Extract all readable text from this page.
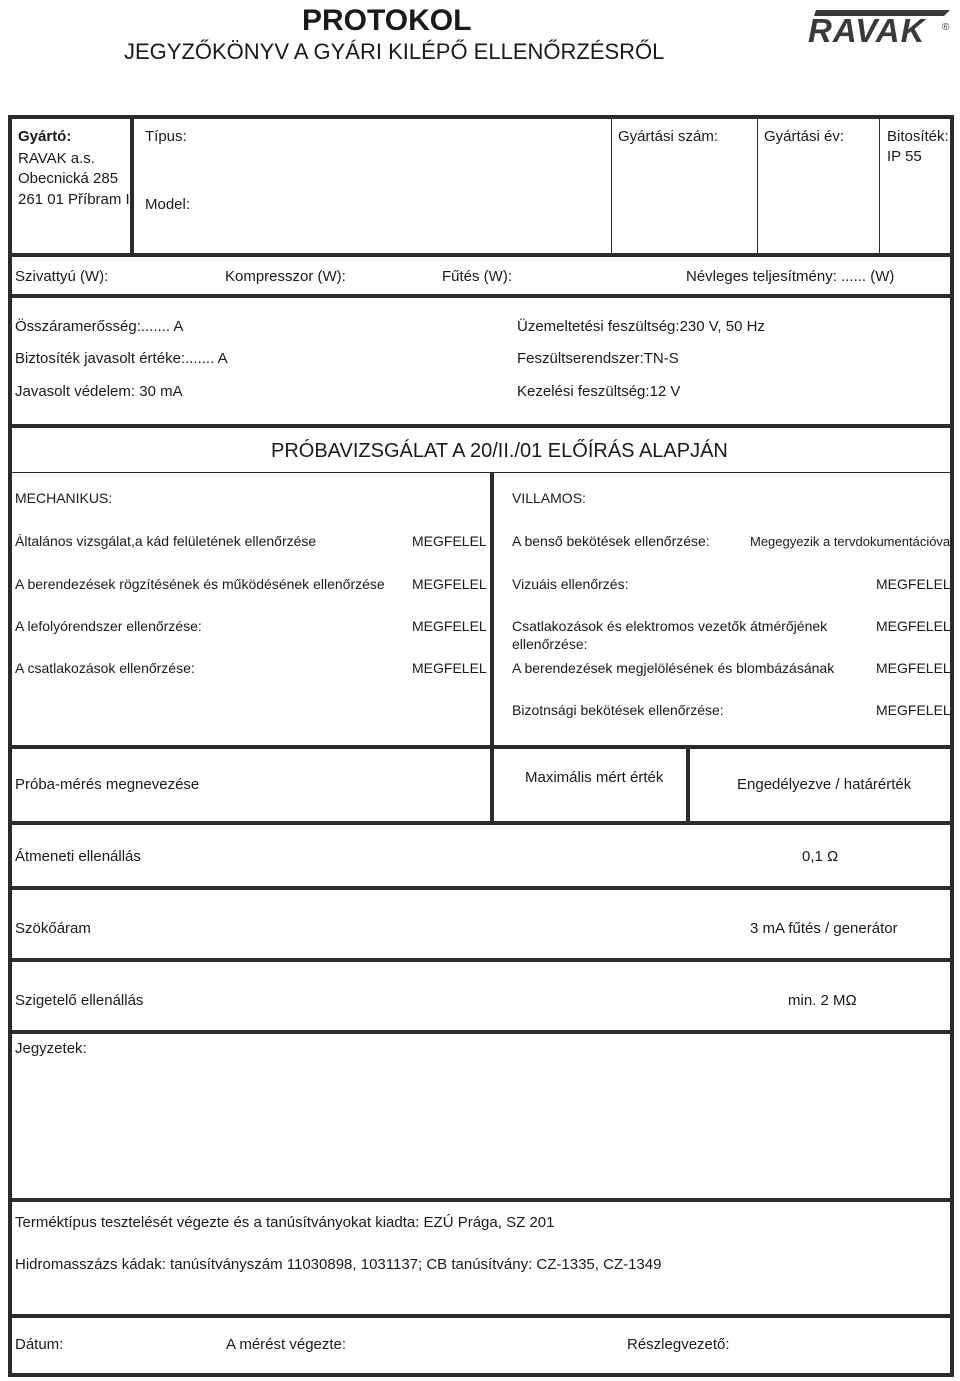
PROTOKOL
JEGYZŐKÖNYV A GYÁRI KILÉPŐ ELLENŐRZÉSRŐL
RAVAK ®
Gyártó:
RAVAK a.s.
Obecnická 285
261 01 Příbram I
Típus:
Model:
Gyártási szám:	Gyártási év:	Bitosíték:
IP 55
Szivattyú (W):	Kompresszor (W):	Fűtés (W):	Névleges teljesítmény: ...... (W)
Összáramerősség:....... A
Biztosíték javasolt értéke:....... A
Javasolt védelem: 30 mA
Üzemeltetési feszültség:230 V, 50 Hz
Feszültserendszer:TN-S
Kezelési feszültség:12 V
PRÓBAVIZSGÁLAT A 20/II./01 ELŐÍRÁS ALAPJÁN
MECHANIKUS:
Általános vizsgálat,a kád felületének ellenőrzése	MEGFELEL
A berendezések rögzítésének és működésének ellenőrzése MEGFELEL
A lefolyórendszer ellenőrzése:	MEGFELEL
A csatlakozások ellenőrzése:	MEGFELEL
VILLAMOS:
A benső bekötések ellenőrzése:	Megegyezik a tervdokumentációval
Vizuáis ellenőrzés:	MEGFELEL
Csatlakozások és elektromos vezetők átmérőjének
ellenőrzése:
MEGFELEL
A berendezések megjelölésének és blombázásának	MEGFELEL
Bizotnsági bekötések ellenőrzése:	MEGFELEL
Próba-mérés megnevezése	Maximális mért érték	Engedélyezve / határérték
Átmeneti ellenállás	0,1 Ω
Szökőáram	3 mA fűtés / generátor
Szigetelő ellenállás	min. 2 MΩ
Jegyzetek:
Terméktípus tesztelését végezte és a tanúsítványokat kiadta: EZÚ Prága, SZ 201
Hidromasszázs kádak: tanúsítványszám 11030898, 1031137; CB tanúsítvány: CZ-1335, CZ-1349
Dátum:	A mérést végezte:	Részlegvezető:
